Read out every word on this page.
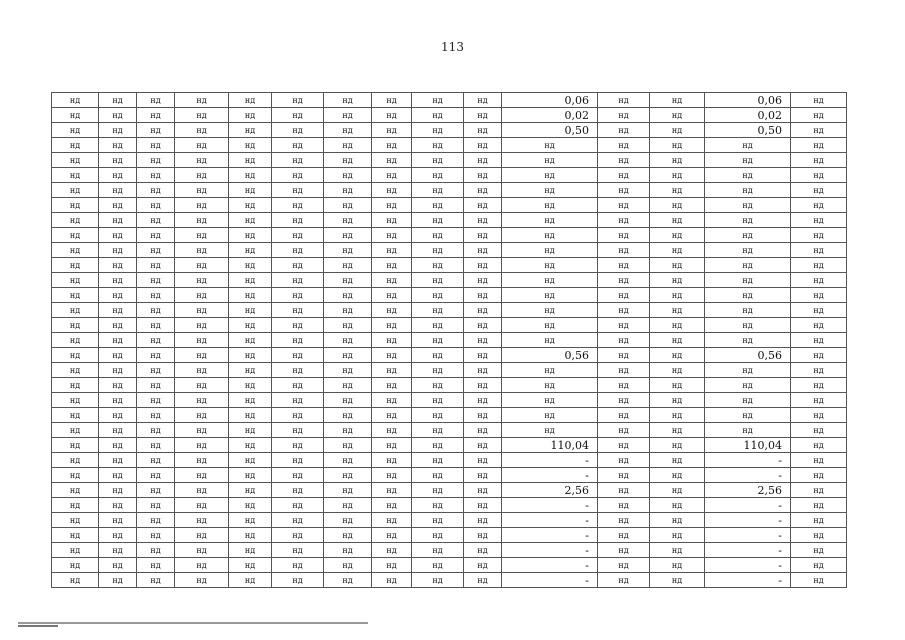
113
нд	нд	нд	нд	нд	нд	нд	нд	нд	нд	0,06	нд	нд	0,06	нд
нд	нд	нд	нд	нд	нд	нд	нд	нд	нд	0,02	нд	нд	0,02	нд
нд	нд	нд	нд	нд	нд	нд	нд	нд	нд	0,50	нд	нд	0,50	нд
нд	нд	нд	нд	нд	нд	нд	нд	нд	нд	нд	нд	нд	нд	нд
нд	нд	нд	нд	нд	нд	нд	нд	нд	нд	нд	нд	нд	нд	нд
нд	нд	нд	нд	нд	нд	нд	нд	нд	нд	нд	нд	нд	нд	нд
нд	нд	нд	нд	нд	нд	нд	нд	нд	нд	нд	нд	нд	нд	нд
нд	нд	нд	нд	нд	нд	нд	нд	нд	нд	нд	нд	нд	нд	нд
нд	нд	нд	нд	нд	нд	нд	нд	нд	нд	нд	нд	нд	нд	нд
нд	нд	нд	нд	нд	нд	нд	нд	нд	нд	нд	нд	нд	нд	нд
нд	нд	нд	нд	нд	нд	нд	нд	нд	нд	нд	нд	нд	нд	нд
нд	нд	нд	нд	нд	нд	нд	нд	нд	нд	нд	нд	нд	нд	нд
нд	нд	нд	нд	нд	нд	нд	нд	нд	нд	нд	нд	нд	нд	нд
нд	нд	нд	нд	нд	нд	нд	нд	нд	нд	нд	нд	нд	нд	нд
нд	нд	нд	нд	нд	нд	нд	нд	нд	нд	нд	нд	нд	нд	нд
нд	нд	нд	нд	нд	нд	нд	нд	нд	нд	нд	нд	нд	нд	нд
нд	нд	нд	нд	нд	нд	нд	нд	нд	нд	нд	нд	нд	нд	нд
нд	нд	нд	нд	нд	нд	нд	нд	нд	нд	0,56	нд	нд	0,56	нд
нд	нд	нд	нд	нд	нд	нд	нд	нд	нд	нд	нд	нд	нд	нд
нд	нд	нд	нд	нд	нд	нд	нд	нд	нд	нд	нд	нд	нд	нд
нд	нд	нд	нд	нд	нд	нд	нд	нд	нд	нд	нд	нд	нд	нд
нд	нд	нд	нд	нд	нд	нд	нд	нд	нд	нд	нд	нд	нд	нд
нд	нд	нд	нд	нд	нд	нд	нд	нд	нд	нд	нд	нд	нд	нд
нд	нд	нд	нд	нд	нд	нд	нд	нд	нд	110,04	нд	нд	110,04	нд
нд	нд	нд	нд	нд	нд	нд	нд	нд	нд	-	нд	нд	-	нд
нд	нд	нд	нд	нд	нд	нд	нд	нд	нд	-	нд	нд	-	нд
нд	нд	нд	нд	нд	нд	нд	нд	нд	нд	2,56	нд	нд	2,56	нд
нд	нд	нд	нд	нд	нд	нд	нд	нд	нд	-	нд	нд	-	нд
нд	нд	нд	нд	нд	нд	нд	нд	нд	нд	-	нд	нд	-	нд
нд	нд	нд	нд	нд	нд	нд	нд	нд	нд	-	нд	нд	-	нд
нд	нд	нд	нд	нд	нд	нд	нд	нд	нд	-	нд	нд	-	нд
нд	нд	нд	нд	нд	нд	нд	нд	нд	нд	-	нд	нд	-	нд
нд	нд	нд	нд	нд	нд	нд	нд	нд	нд	-	нд	нд	-	нд
